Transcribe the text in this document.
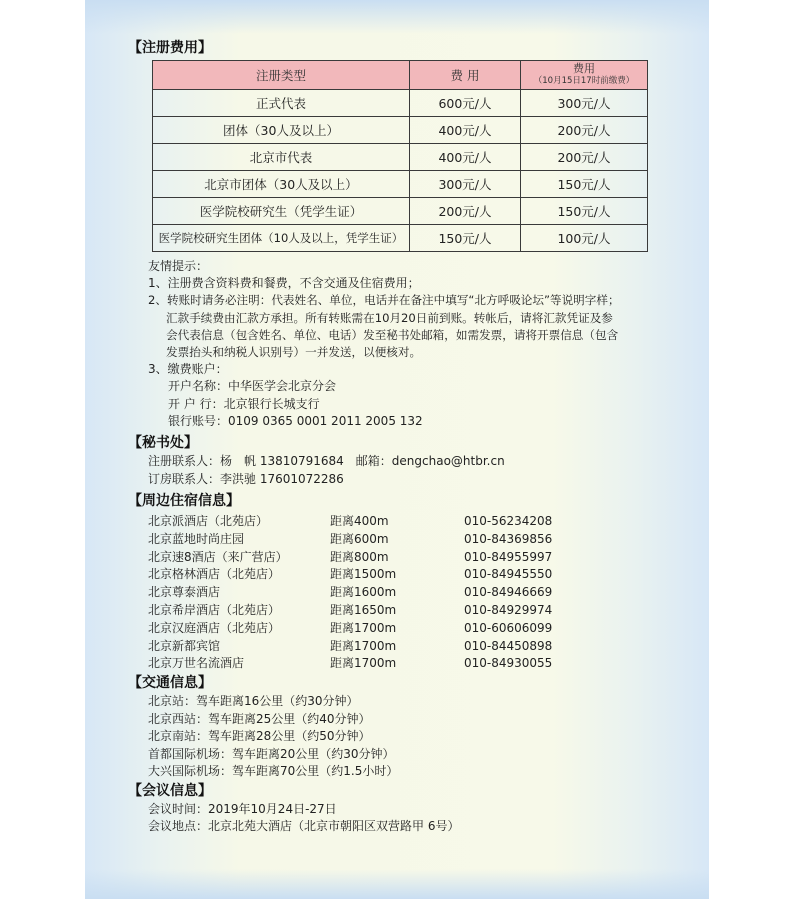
【注册费用】
注册类型	费 用	费用
（10月15日17时前缴费）

正式代表	600元/人	300元/人
团体（30人及以上）	400元/人	200元/人
北京市代表	400元/人	200元/人
北京市团体（30人及以上）	300元/人	150元/人
医学院校研究生（凭学生证）	200元/人	150元/人
医学院校研究生团体（10人及以上，凭学生证）	150元/人	100元/人
友情提示：
1、注册费含资料费和餐费，不含交通及住宿费用；
2、转账时请务必注明：代表姓名、单位，电话并在备注中填写“北方呼吸论坛”等说明字样；
汇款手续费由汇款方承担。所有转账需在10月20日前到账。转帐后，请将汇款凭证及参
会代表信息（包含姓名、单位、电话）发至秘书处邮箱，如需发票，请将开票信息（包含
发票抬头和纳税人识别号）一并发送，以便核对。
3、缴费账户：
开户名称：中华医学会北京分会
开 户 行：北京银行长城支行
银行账号：0109 0365 0001 2011 2005 132
【秘书处】
注册联系人：杨　帆 13810791684　邮箱：dengchao@htbr.cn
订房联系人：李洪驰 17601072286
【周边住宿信息】
北京派酒店（北苑店）	距离400m	010-56234208
北京蓝地时尚庄园	距离600m	010-84369856
北京速8酒店（来广营店）	距离800m	010-84955997
北京格林酒店（北苑店）	距离1500m	010-84945550
北京尊泰酒店	距离1600m	010-84946669
北京希岸酒店（北苑店）	距离1650m	010-84929974
北京汉庭酒店（北苑店）	距离1700m	010-60606099
北京新都宾馆	距离1700m	010-84450898
北京万世名流酒店	距离1700m	010-84930055
【交通信息】
北京站：驾车距离16公里（约30分钟）
北京西站：驾车距离25公里（约40分钟）
北京南站：驾车距离28公里（约50分钟）
首都国际机场：驾车距离20公里（约30分钟）
大兴国际机场：驾车距离70公里（约1.5小时）
【会议信息】
会议时间：2019年10月24日-27日
会议地点：北京北苑大酒店（北京市朝阳区双营路甲 6号）
